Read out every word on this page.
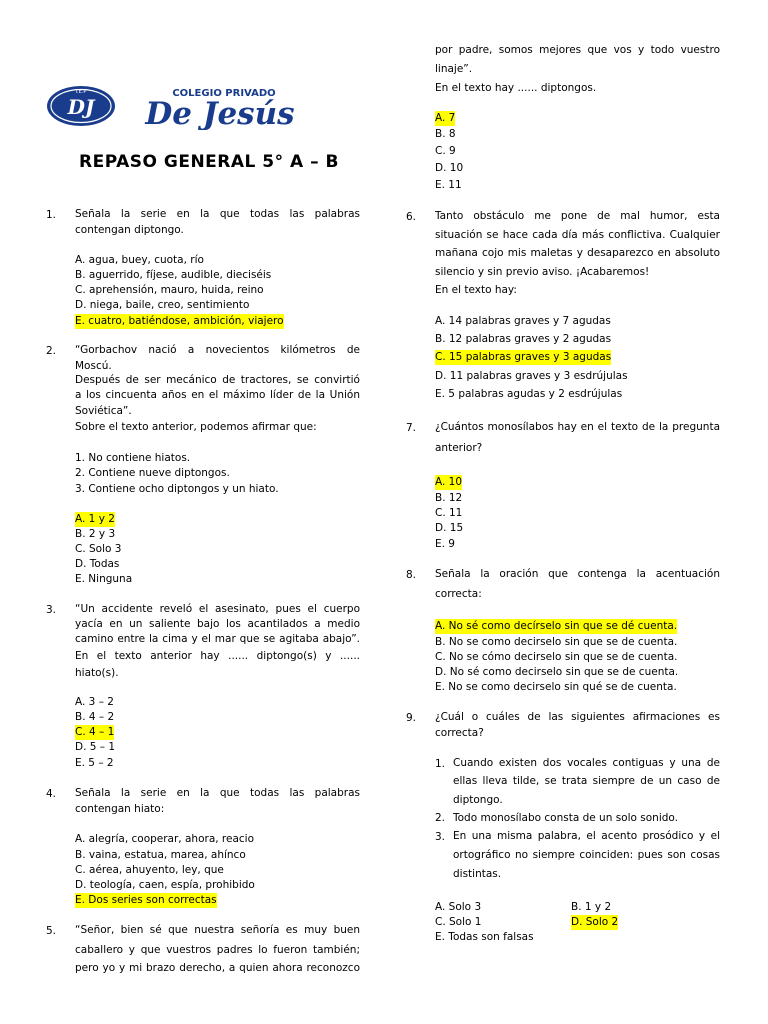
I.E.P
DJ
COLEGIO PRIVADO
De Jesús
REPASO GENERAL 5° A – B
1. Señala la serie en la que todas las palabras
contengan diptongo.
A. agua, buey, cuota, río
B. aguerrido, fíjese, audible, dieciséis
C. aprehensión, mauro, huida, reino
D. niega, baile, creo, sentimiento
E. cuatro, batiéndose, ambición, viajero
2. “Gorbachov nació a novecientos kilómetros de
Moscú.
Después de ser mecánico de tractores, se convirtió
a los cincuenta años en el máximo líder de la Unión
Soviética”.
Sobre el texto anterior, podemos afirmar que:
1. No contiene hiatos.
2. Contiene nueve diptongos.
3. Contiene ocho diptongos y un hiato.
A. 1 y 2
B. 2 y 3
C. Solo 3
D. Todas
E. Ninguna
3. “Un accidente reveló el asesinato, pues el cuerpo
yacía en un saliente bajo los acantilados a medio
camino entre la cima y el mar que se agitaba abajo”.
En el texto anterior hay ...... diptongo(s) y ......
hiato(s).
A. 3 – 2
B. 4 – 2
C. 4 – 1
D. 5 – 1
E. 5 – 2
4. Señala la serie en la que todas las palabras
contengan hiato:
A. alegría, cooperar, ahora, reacio
B. vaina, estatua, marea, ahínco
C. aérea, ahuyento, ley, que
D. teología, caen, espía, prohibido
E. Dos series son correctas
5. “Señor, bien sé que nuestra señoría es muy buen
caballero y que vuestros padres lo fueron también;
pero yo y mi brazo derecho, a quien ahora reconozco
por padre, somos mejores que vos y todo vuestro
linaje”.
En el texto hay ...... diptongos.
A. 7
B. 8
C. 9
D. 10
E. 11
6. Tanto obstáculo me pone de mal humor, esta
situación se hace cada día más conflictiva. Cualquier
mañana cojo mis maletas y desaparezco en absoluto
silencio y sin previo aviso. ¡Acabaremos!
En el texto hay:
A. 14 palabras graves y 7 agudas
B. 12 palabras graves y 2 agudas
C. 15 palabras graves y 3 agudas
D. 11 palabras graves y 3 esdrújulas
E. 5 palabras agudas y 2 esdrújulas
7. ¿Cuántos monosílabos hay en el texto de la pregunta
anterior?
A. 10
B. 12
C. 11
D. 15
E. 9
8. Señala la oración que contenga la acentuación
correcta:
A. No sé como decírselo sin que se dé cuenta.
B. No se como decirselo sin que se de cuenta.
C. No se cómo decirselo sin que se de cuenta.
D. No sé como decirselo sin que se de cuenta.
E. No se como decirselo sin qué se de cuenta.
9. ¿Cuál o cuáles de las siguientes afirmaciones es
correcta?
1. Cuando existen dos vocales contiguas y una de
ellas lleva tilde, se trata siempre de un caso de
diptongo.
2. Todo monosílabo consta de un solo sonido.
3. En una misma palabra, el acento prosódico y el
ortográfico no siempre coinciden: pues son cosas
distintas.
A. Solo 3	B. 1 y 2
C. Solo 1	D. Solo 2
E. Todas son falsas
